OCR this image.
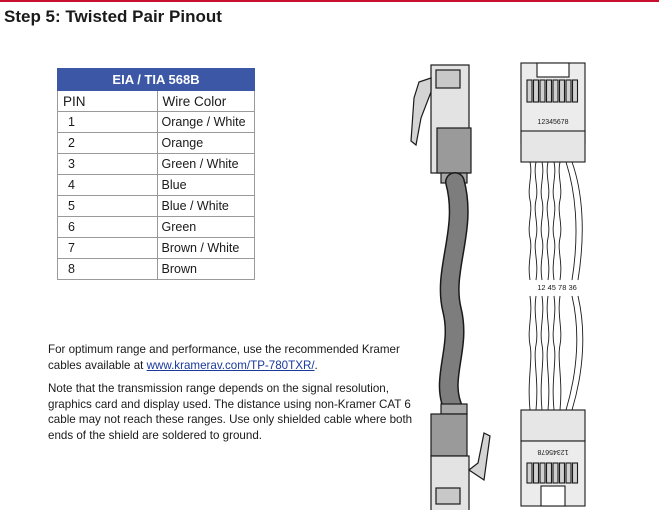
Step 5: Twisted Pair Pinout
EIA / TIA 568B	
PIN	Wire Color
1	Orange / White
2	Orange
3	Green / White
4	Blue
5	Blue / White
6	Green
7	Brown / White
8	Brown

For optimum range and performance, use the recommended Kramer cables available at www.kramerav.com/TP-780TXR/.

Note that the transmission range depends on the signal resolution, graphics card and display used. The distance using non-Kramer CAT 6 cable may not reach these ranges. Use only shielded cable where both ends of the shield are soldered to ground.

12345678
12 45 78 36
12345678
